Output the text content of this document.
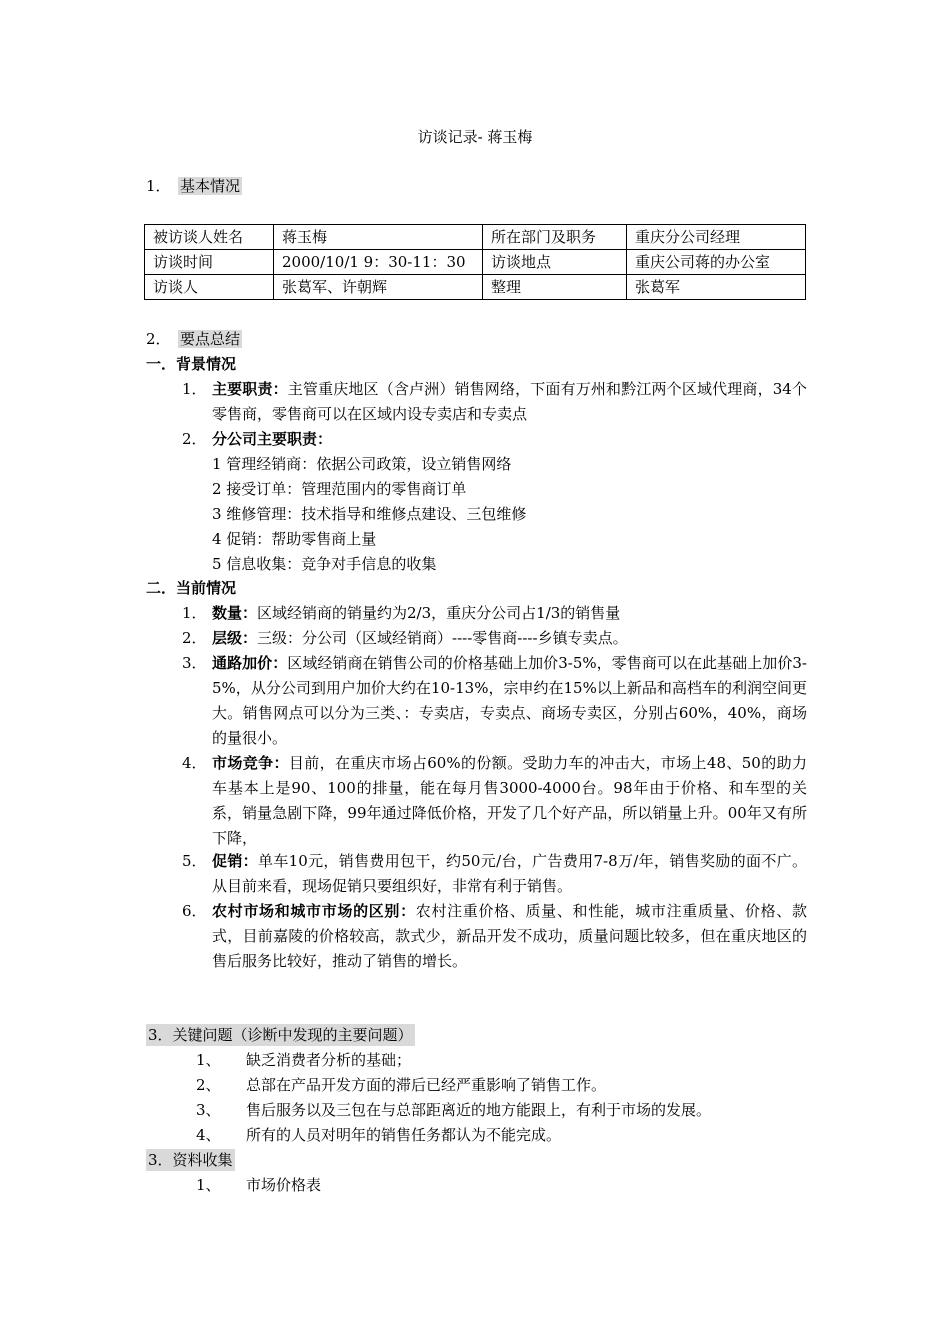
访谈记录- 蒋玉梅
1． 基本情况
被访谈人姓名	蒋玉梅	所在部门及职务	重庆分公司经理
访谈时间	2000/10/1 9：30-11：30	访谈地点	重庆公司蒋的办公室
访谈人	张葛军、许朝辉	整理	张葛军
2． 要点总结
一．背景情况
1． 主要职责：主管重庆地区（含卢洲）销售网络，下面有万州和黔江两个区域代理商，34个零售商，零售商可以在区域内设专卖店和专卖点
2． 分公司主要职责：
1 管理经销商：依据公司政策，设立销售网络
2 接受订单：管理范围内的零售商订单
3 维修管理：技术指导和维修点建设、三包维修
4 促销：帮助零售商上量
5 信息收集：竞争对手信息的收集
二．当前情况
1． 数量：区域经销商的销量约为2/3，重庆分公司占1/3的销售量
2． 层级：三级：分公司（区域经销商）----零售商----乡镇专卖点。
3． 通路加价：区域经销商在销售公司的价格基础上加价3-5%，零售商可以在此基础上加价3-5%，从分公司到用户加价大约在10-13%，宗申约在15%以上新品和高档车的利润空间更大。销售网点可以分为三类、：专卖店，专卖点、商场专卖区，分别占60%，40%，商场的量很小。
4． 市场竞争：目前，在重庆市场占60%的份额。受助力车的冲击大，市场上48、50的助力车基本上是90、100的排量，能在每月售3000-4000台。98年由于价格、和车型的关系，销量急剧下降，99年通过降低价格，开发了几个好产品，所以销量上升。00年又有所下降，
5． 促销：单车10元，销售费用包干，约50元/台，广告费用7-8万/年，销售奖励的面不广。从目前来看，现场促销只要组织好，非常有利于销售。
6． 农村市场和城市市场的区别：农村注重价格、质量、和性能，城市注重质量、价格、款式，目前嘉陵的价格较高，款式少，新品开发不成功，质量问题比较多，但在重庆地区的售后服务比较好，推动了销售的增长。
3．关键问题（诊断中发现的主要问题）
1、 缺乏消费者分析的基础；
2、 总部在产品开发方面的滞后已经严重影响了销售工作。
3、 售后服务以及三包在与总部距离近的地方能跟上，有利于市场的发展。
4、 所有的人员对明年的销售任务都认为不能完成。
3．资料收集
1、 市场价格表
